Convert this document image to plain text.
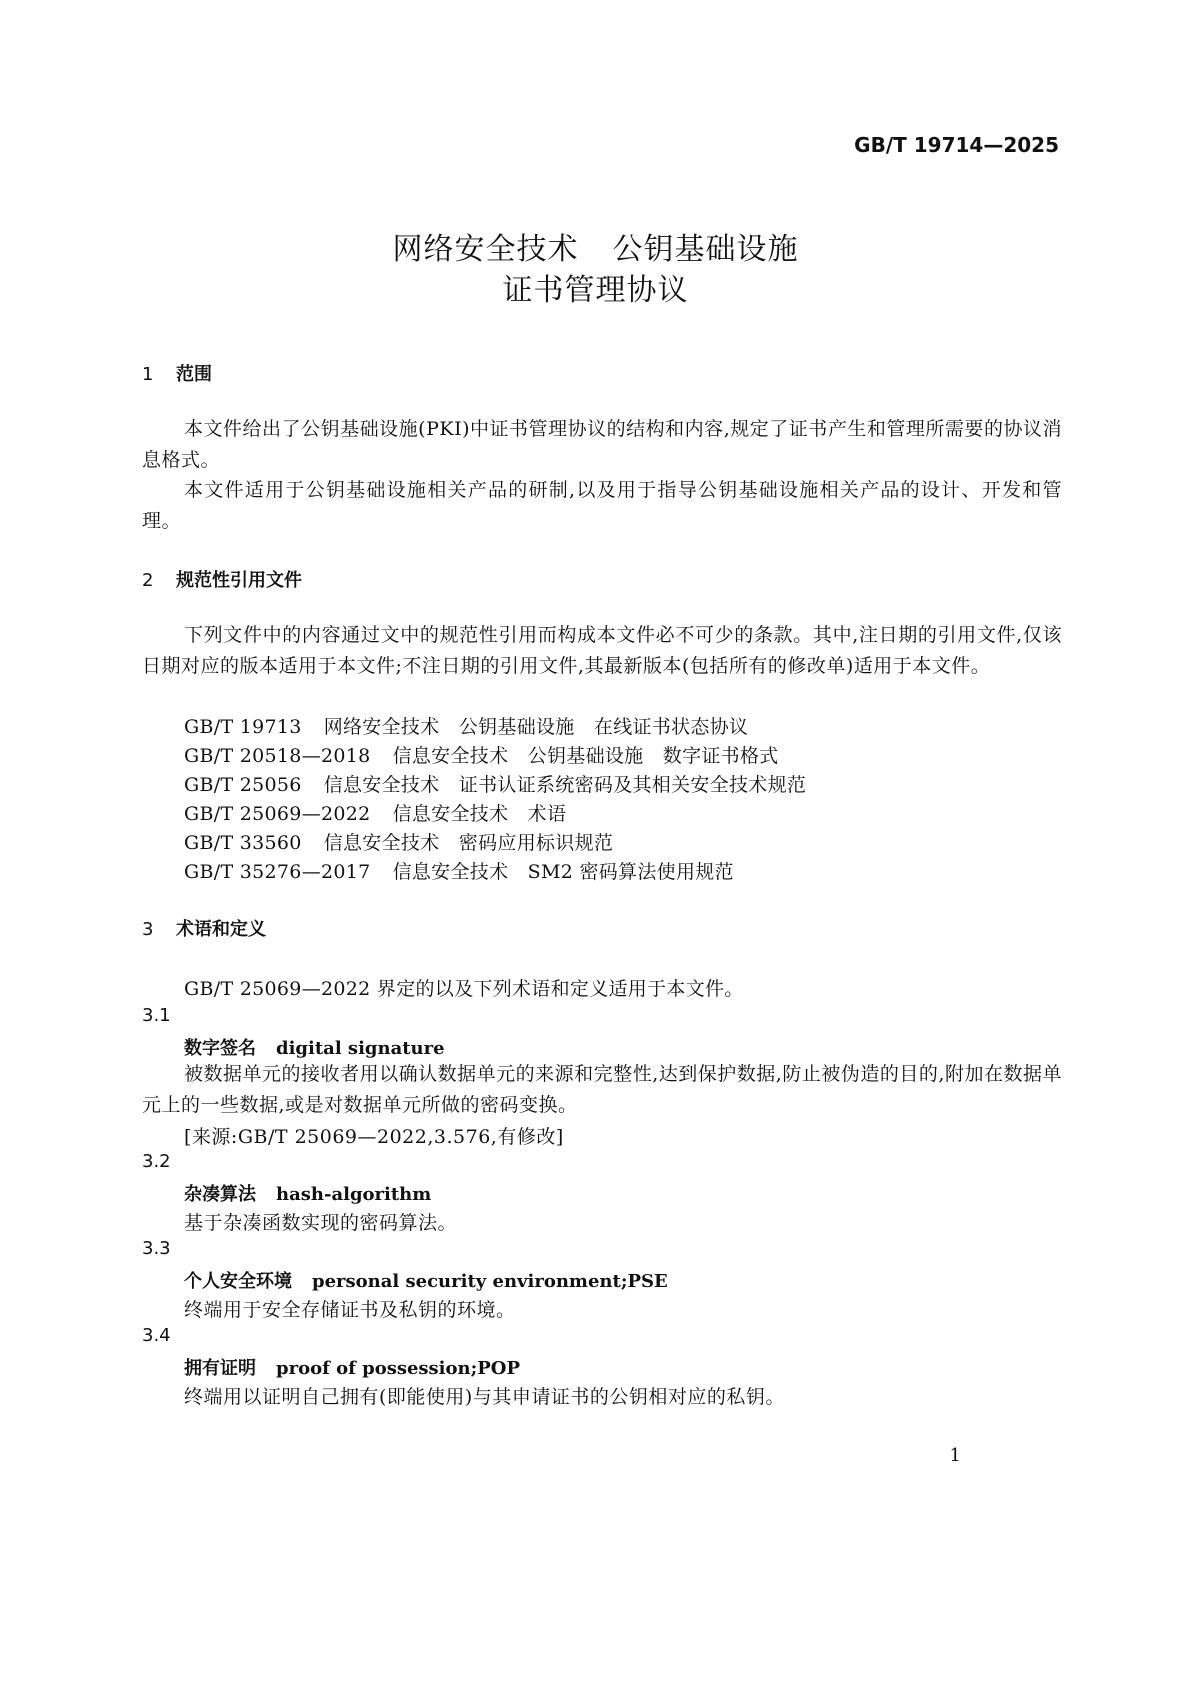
GB/T 19714—2025
网络安全技术 公钥基础设施
证书管理协议
1 范围
本文件给出了公钥基础设施(PKI)中证书管理协议的结构和内容,规定了证书产生和管理所需要的协议消息格式。
本文件适用于公钥基础设施相关产品的研制,以及用于指导公钥基础设施相关产品的设计、开发和管理。
2 规范性引用文件
下列文件中的内容通过文中的规范性引用而构成本文件必不可少的条款。其中,注日期的引用文件,仅该日期对应的版本适用于本文件;不注日期的引用文件,其最新版本(包括所有的修改单)适用于本文件。
GB/T 19713 网络安全技术　公钥基础设施　在线证书状态协议
GB/T 20518—2018 信息安全技术　公钥基础设施　数字证书格式
GB/T 25056 信息安全技术　证书认证系统密码及其相关安全技术规范
GB/T 25069—2022 信息安全技术　术语
GB/T 33560 信息安全技术　密码应用标识规范
GB/T 35276—2017 信息安全技术　SM2 密码算法使用规范
3 术语和定义
GB/T 25069—2022 界定的以及下列术语和定义适用于本文件。
3.1
数字签名 digital signature
被数据单元的接收者用以确认数据单元的来源和完整性,达到保护数据,防止被伪造的目的,附加在数据单元上的一些数据,或是对数据单元所做的密码变换。
[来源:GB/T 25069—2022,3.576,有修改]
3.2
杂凑算法 hash-algorithm
基于杂凑函数实现的密码算法。
3.3
个人安全环境 personal security environment;PSE
终端用于安全存储证书及私钥的环境。
3.4
拥有证明 proof of possession;POP
终端用以证明自己拥有(即能使用)与其申请证书的公钥相对应的私钥。
1
